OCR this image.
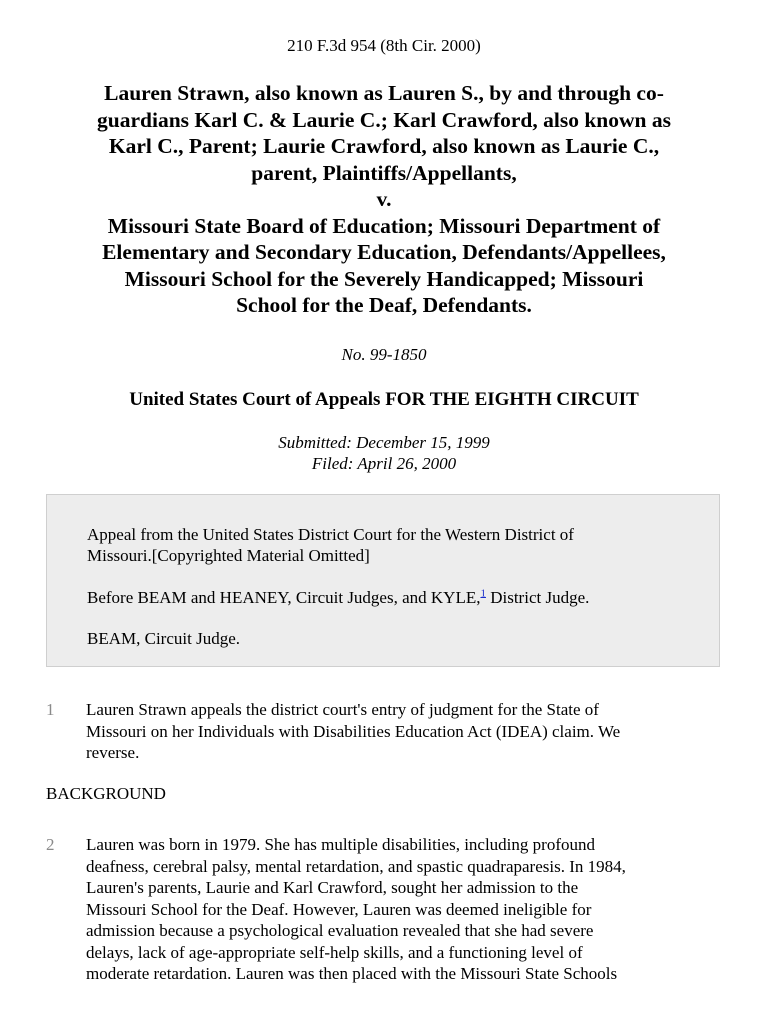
210 F.3d 954 (8th Cir. 2000)
Lauren Strawn, also known as Lauren S., by and through co-
guardians Karl C. & Laurie C.; Karl Crawford, also known as
Karl C., Parent; Laurie Crawford, also known as Laurie C.,
parent, Plaintiffs/Appellants,
v.
Missouri State Board of Education; Missouri Department of
Elementary and Secondary Education, Defendants/Appellees,
Missouri School for the Severely Handicapped; Missouri
School for the Deaf, Defendants.
No. 99-1850
United States Court of Appeals FOR THE EIGHTH CIRCUIT
Submitted: December 15, 1999
Filed: April 26, 2000
Appeal from the United States District Court for the Western District of
Missouri.[Copyrighted Material Omitted]
Before BEAM and HEANEY, Circuit Judges, and KYLE,$^1$ District Judge.
BEAM, Circuit Judge.
1	Lauren Strawn appeals the district court's entry of judgment for the State of
Missouri on her Individuals with Disabilities Education Act (IDEA) claim. We
reverse.
BACKGROUND
2	Lauren was born in 1979. She has multiple disabilities, including profound
deafness, cerebral palsy, mental retardation, and spastic quadraparesis. In 1984,
Lauren's parents, Laurie and Karl Crawford, sought her admission to the
Missouri School for the Deaf. However, Lauren was deemed ineligible for
admission because a psychological evaluation revealed that she had severe
delays, lack of age-appropriate self-help skills, and a functioning level of
moderate retardation. Lauren was then placed with the Missouri State Schools
